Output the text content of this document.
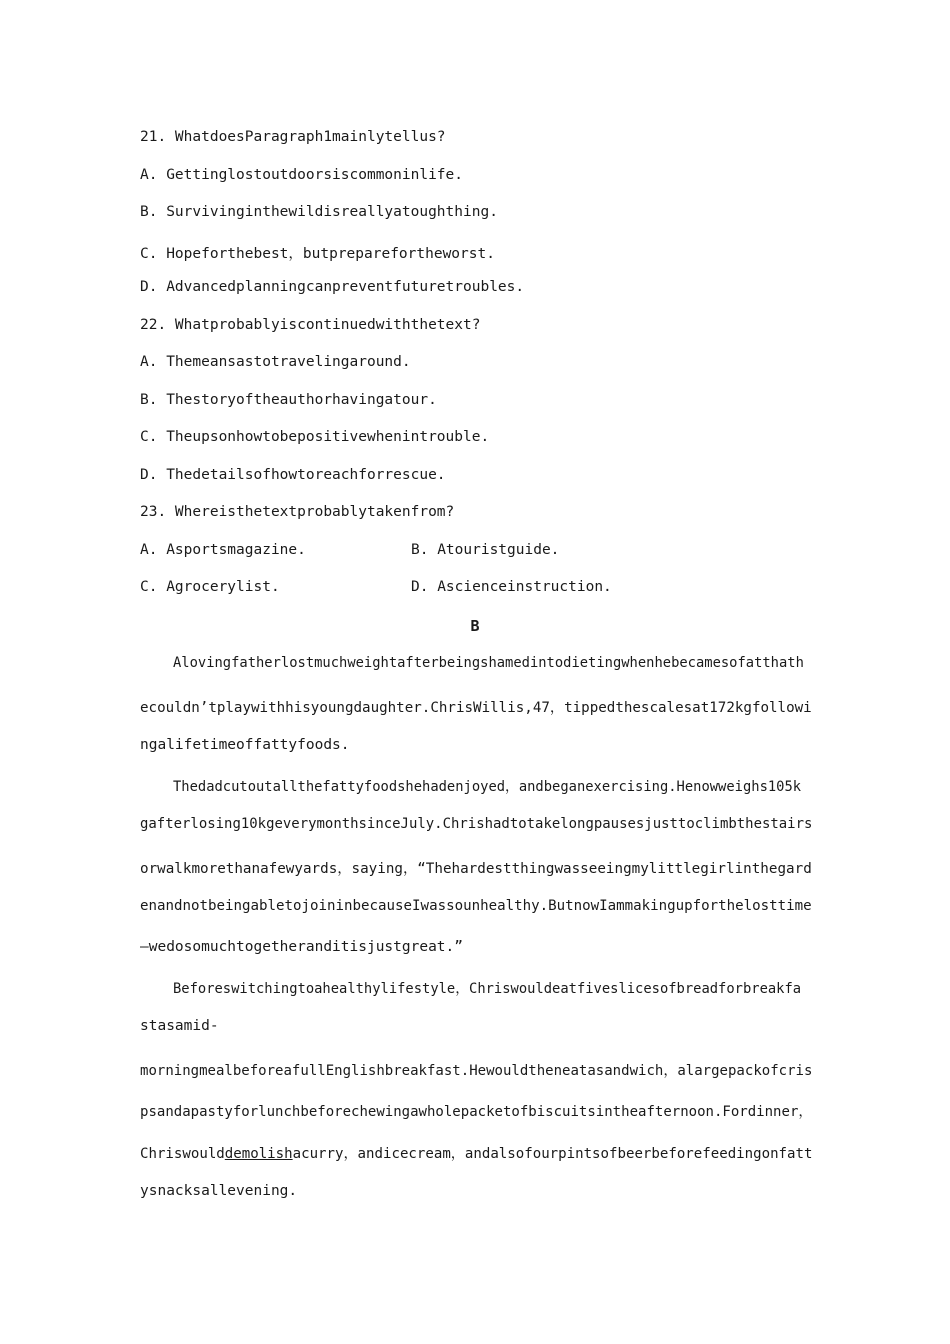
21. WhatdoesParagraph1mainlytellus?
A. Gettinglostoutdoorsiscommoninlife.
B. Survivinginthewildisreallyatoughthing.
C. Hopeforthebest，butpreparefortheworst.
D. Advancedplanningcanpreventfuturetroubles.
22. Whatprobablyiscontinuedwiththetext?
A. Themeansastotravelingaround.
B. Thestoryoftheauthorhavingatour.
C. Theupsonhowtobepositivewhenintrouble.
D. Thedetailsofhowtoreachforrescue.
23. Whereisthetextprobablytakenfrom?
A. Asportsmagazine.	B. Atouristguide.
C. Agrocerylist.	D. Ascienceinstruction.
B
Alovingfatherlostmuchweightafterbeingshamedintodietingwhenhebecamesofatthath
ecouldn’tplaywithhisyoungdaughter.ChrisWillis,47，tippedthescalesat172kgfollowi
ngalifetimeoffattyfoods.
Thedadcutoutallthefattyfoodshehadenjoyed，andbeganexercising.Henowweighs105k
gafterlosing10kgeverymonthsinceJuly.Chrishadtotakelongpausesjusttoclimbthestairs
orwalkmorethanafewyards，saying，“Thehardestthingwasseeingmylittlegirlinthegard
enandnotbeingabletojoininbecauseIwassounhealthy.ButnowIammakingupforthelosttime
—wedosomuchtogetheranditisjustgreat.”
Beforeswitchingtoahealthylifestyle，Chriswouldeatfiveslicesofbreadforbreakfa
stasamid-
morningmealbeforeafullEnglishbreakfast.Hewouldtheneatasandwich，alargepackofcris
psandapastyforlunchbeforechewingawholepacketofbiscuitsintheafternoon.Fordinner，
Chriswoulddemolishacurry，andicecream，andalsofourpintsofbeerbeforefeedingonfatt
ysnacksallevening.
